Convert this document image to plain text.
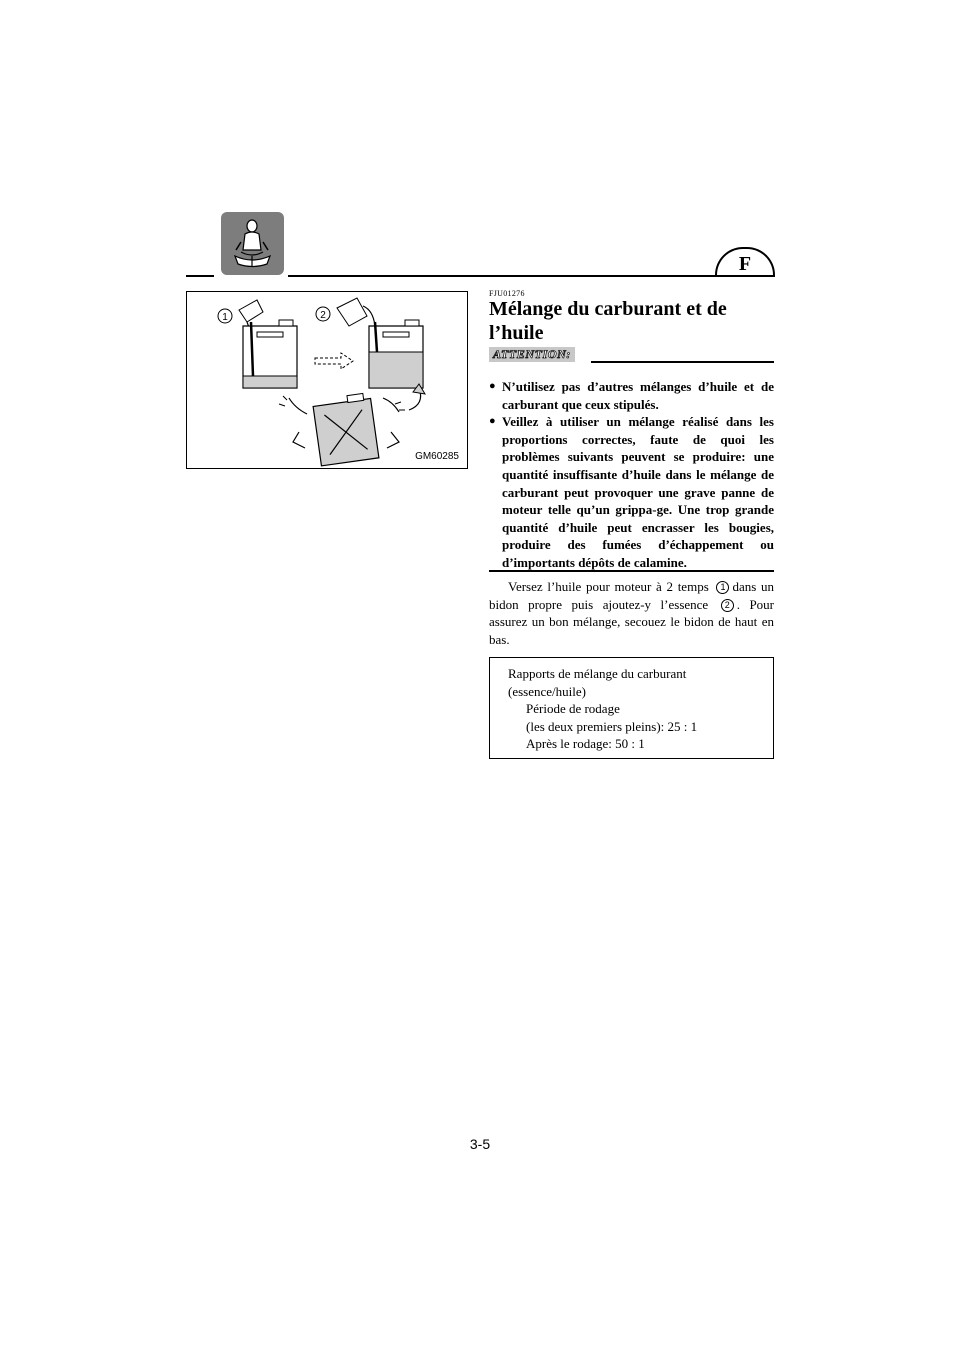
F
1	2
GM60285
FJU01276
Mélange du carburant et de l’huile
ATTENTION:
● N’utilisez pas d’autres mélanges d’huile et de carburant que ceux stipulés.
● Veillez à utiliser un mélange réalisé dans les proportions correctes, faute de quoi les problèmes suivants peuvent se produire: une quantité insuffisante d’huile dans le mélange de carburant peut provoquer une grave panne de moteur telle qu’un grippa-ge. Une trop grande quantité d’huile peut encrasser les bougies, produire des fumées d’échappement ou d’importants dépôts de calamine.

Versez l’huile pour moteur à 2 temps 1 dans un bidon propre puis ajoutez-y l’essence 2 . Pour assurez un bon mélange, secouez le bidon de haut en bas.

Rapports de mélange du carburant
(essence/huile)
Période de rodage
(les deux premiers pleins): 25 : 1
Après le rodage: 50 : 1
3-5
